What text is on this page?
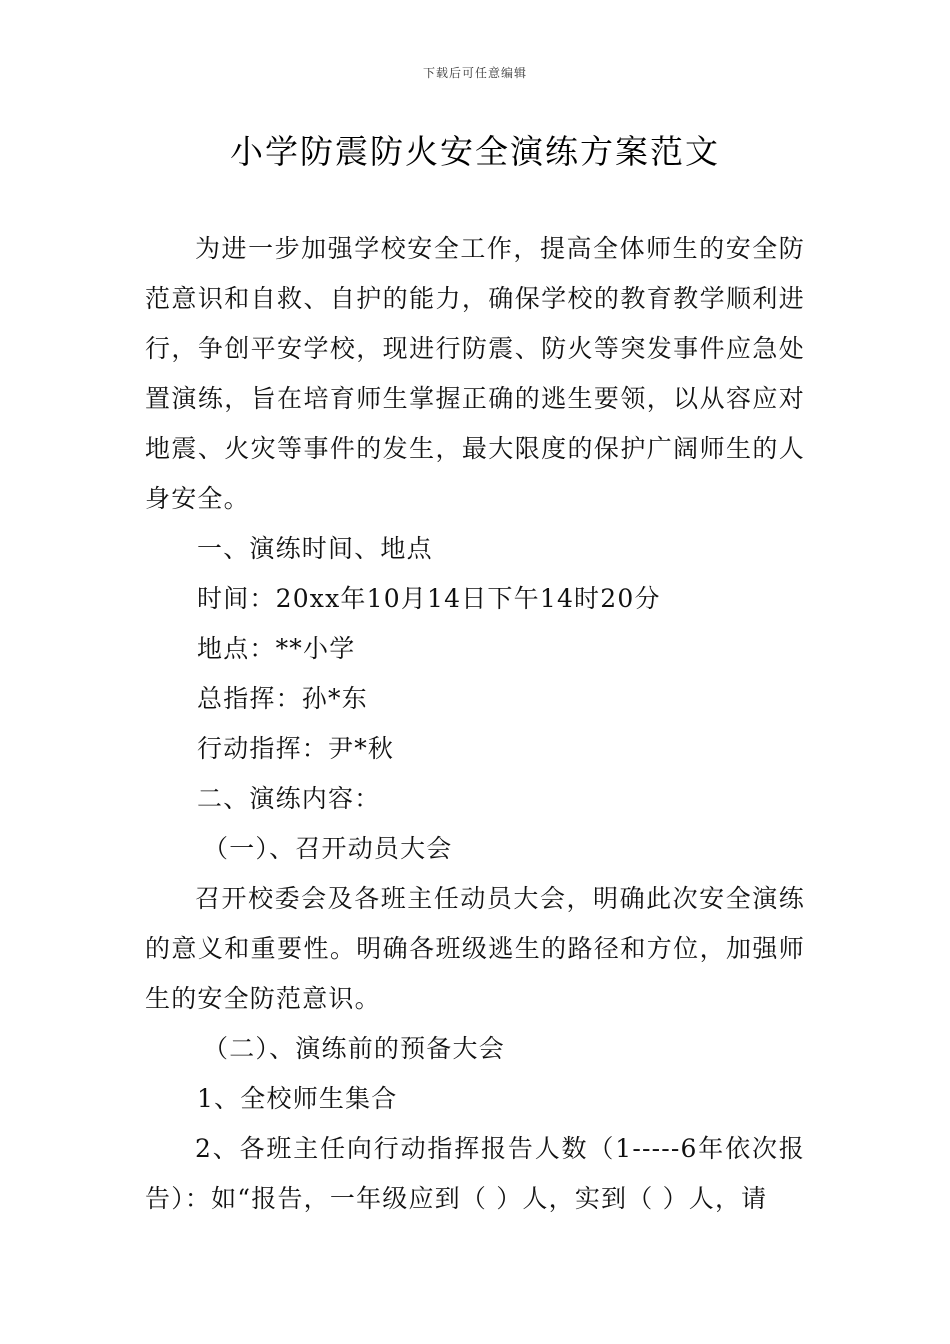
下载后可任意编辑
小学防震防火安全演练方案范文

为进一步加强学校安全工作，提高全体师生的安全防范意识和自救、自护的能力，确保学校的教育教学顺利进行，争创平安学校，现进行防震、防火等突发事件应急处置演练，旨在培育师生掌握正确的逃生要领，以从容应对地震、火灾等事件的发生，最大限度的保护广阔师生的人身安全。

一、演练时间、地点

时间：20xx年10月14日下午14时20分

地点：**小学

总指挥：孙*东

行动指挥：尹*秋

二、演练内容：

（一）、召开动员大会

召开校委会及各班主任动员大会，明确此次安全演练的意义和重要性。明确各班级逃生的路径和方位，加强师生的安全防范意识。

（二）、演练前的预备大会

1、全校师生集合

2、各班主任向行动指挥报告人数（1-----6年依次报告）：如“报告，一年级应到（ ）人，实到（ ）人，请
